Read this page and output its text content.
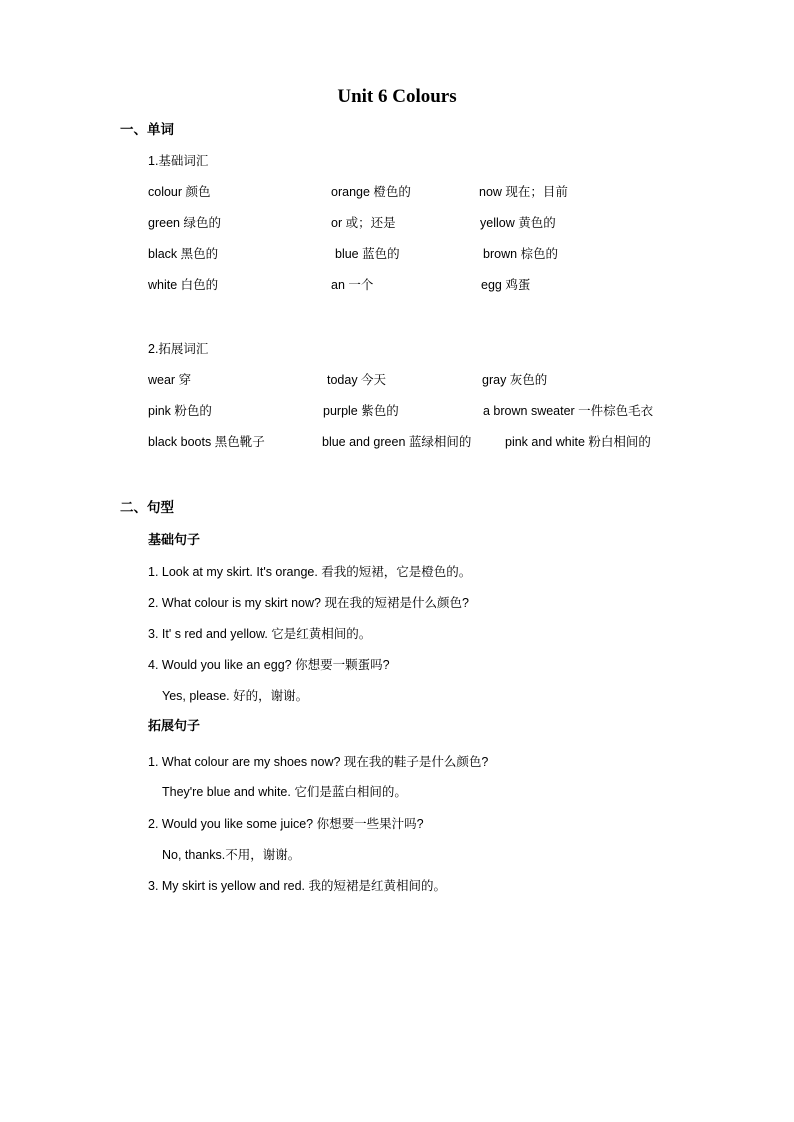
Unit 6 Colours
一、单词
1.基础词汇
colour 颜色	orange 橙色的	now 现在；目前
green 绿色的	or 或；还是	yellow 黄色的
black 黑色的	blue 蓝色的	brown 棕色的
white 白色的	an 一个	egg 鸡蛋
2.拓展词汇
wear 穿	today 今天	gray 灰色的
pink 粉色的	purple 紫色的	a brown sweater 一件棕色毛衣
black boots 黑色靴子	blue and green 蓝绿相间的	pink and white 粉白相间的
二、句型
基础句子
1. Look at my skirt. It's orange. 看我的短裙，它是橙色的。
2. What colour is my skirt now? 现在我的短裙是什么颜色?
3. It' s red and yellow. 它是红黄相间的。
4. Would you like an egg? 你想要一颗蛋吗?
Yes, please. 好的，谢谢。
拓展句子
1. What colour are my shoes now? 现在我的鞋子是什么颜色?
They're blue and white. 它们是蓝白相间的。
2. Would you like some juice? 你想要一些果汁吗?
No, thanks.不用，谢谢。
3. My skirt is yellow and red. 我的短裙是红黄相间的。
